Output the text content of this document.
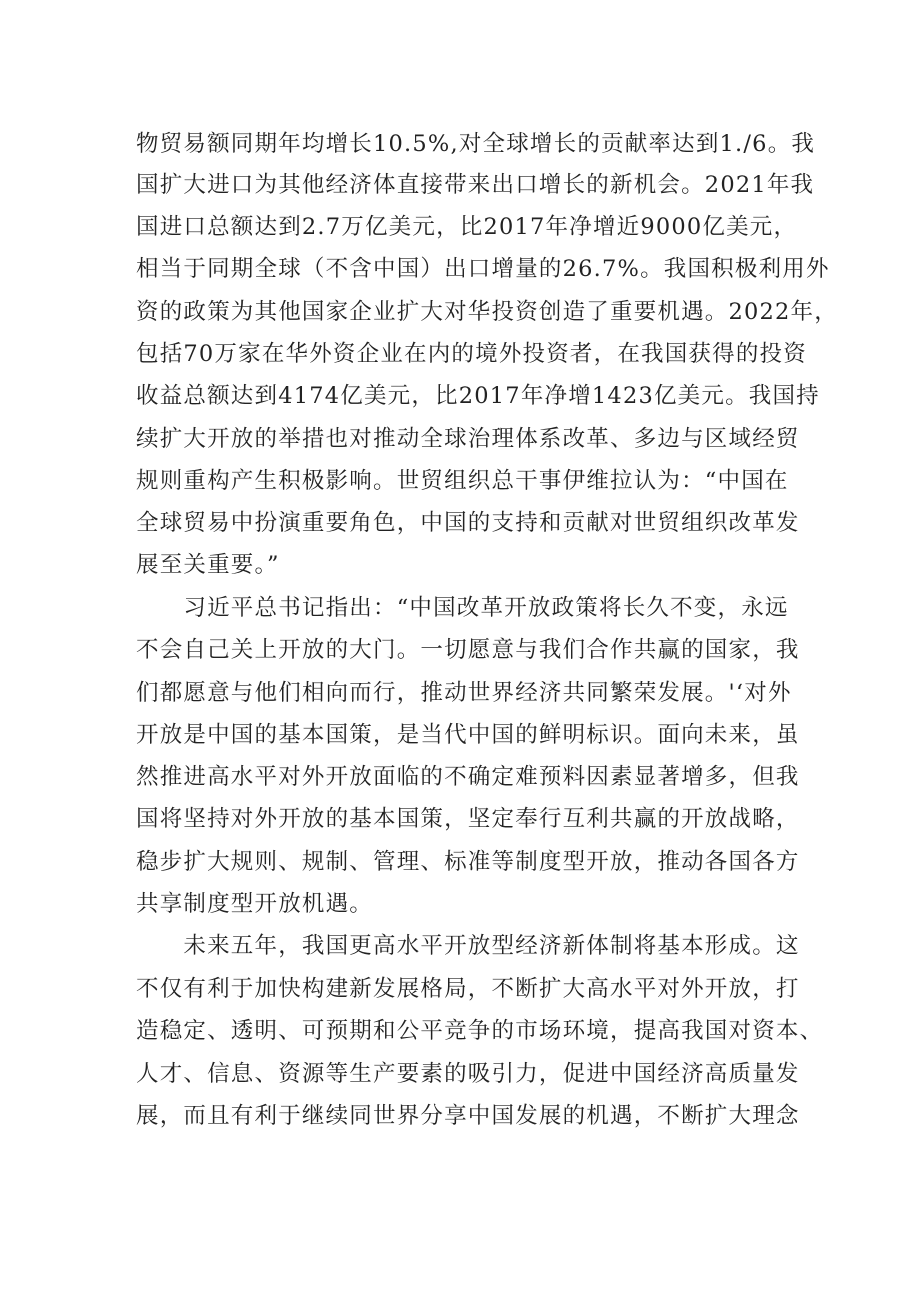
物贸易额同期年均增长10.5%,对全球增长的贡献率达到1./6。我
国扩大进口为其他经济体直接带来出口增长的新机会。2021年我
国进口总额达到2.7万亿美元，比2017年净增近9000亿美元，
相当于同期全球（不含中国）出口增量的26.7%。我国积极利用外
资的政策为其他国家企业扩大对华投资创造了重要机遇。2022年，
包括70万家在华外资企业在内的境外投资者，在我国获得的投资
收益总额达到4174亿美元，比2017年净增1423亿美元。我国持
续扩大开放的举措也对推动全球治理体系改革、多边与区域经贸
规则重构产生积极影响。世贸组织总干事伊维拉认为：“中国在
全球贸易中扮演重要角色，中国的支持和贡献对世贸组织改革发
展至关重要。”
　　习近平总书记指出：“中国改革开放政策将长久不变，永远
不会自己关上开放的大门。一切愿意与我们合作共赢的国家，我
们都愿意与他们相向而行，推动世界经济共同繁荣发展。'‘对外
开放是中国的基本国策，是当代中国的鲜明标识。面向未来，虽
然推进高水平对外开放面临的不确定难预料因素显著增多，但我
国将坚持对外开放的基本国策，坚定奉行互利共赢的开放战略，
稳步扩大规则、规制、管理、标准等制度型开放，推动各国各方
共享制度型开放机遇。
　　未来五年，我国更高水平开放型经济新体制将基本形成。这
不仅有利于加快构建新发展格局，不断扩大高水平对外开放，打
造稳定、透明、可预期和公平竞争的市场环境，提高我国对资本、
人才、信息、资源等生产要素的吸引力，促进中国经济高质量发
展，而且有利于继续同世界分享中国发展的机遇，不断扩大理念
